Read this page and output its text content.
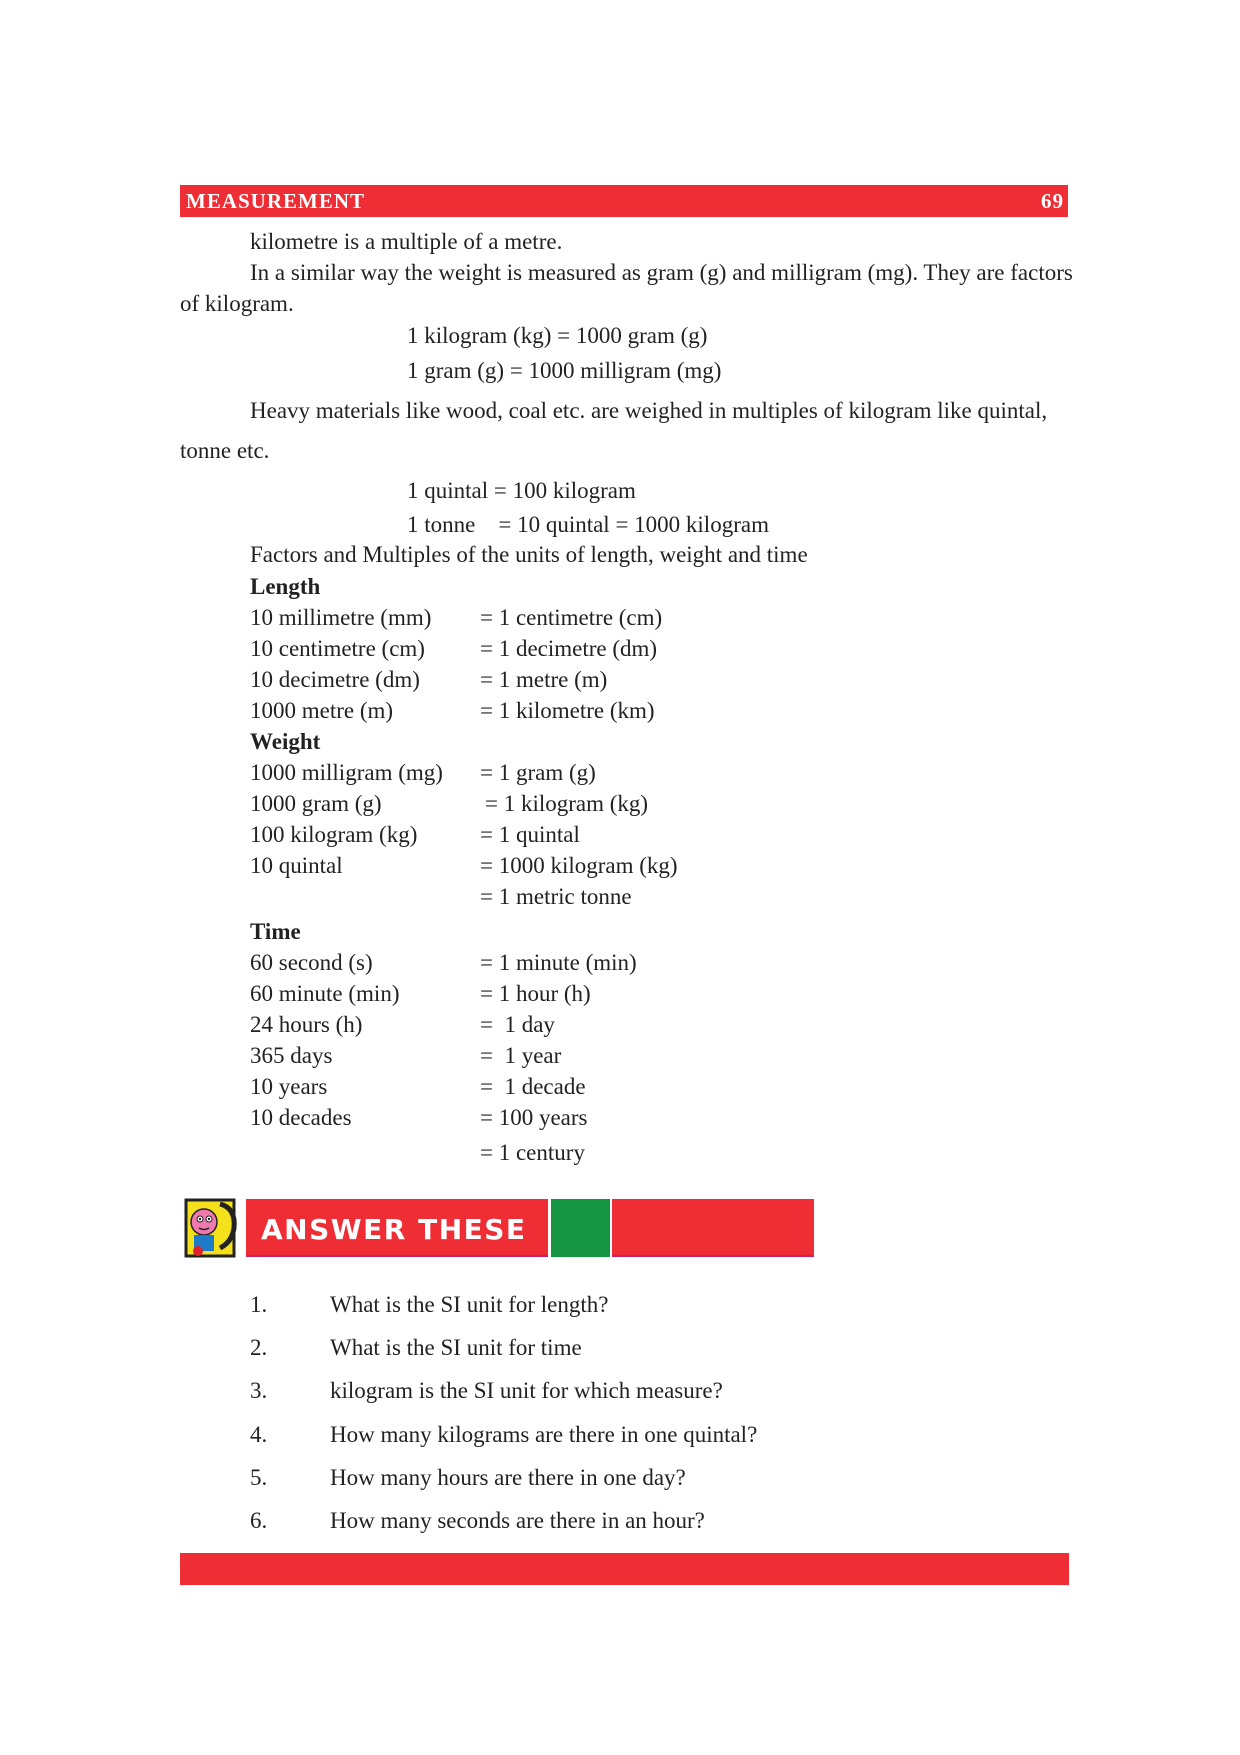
MEASUREMENT	69
kilometre is a multiple of a metre.
In a similar way the weight is measured as gram (g) and milligram (mg). They are factors
of kilogram.
1 kilogram (kg) = 1000 gram (g)
1 gram (g) = 1000 milligram (mg)
Heavy materials like wood, coal etc. are weighed in multiples of kilogram like quintal,
tonne etc.
1 quintal = 100 kilogram
1 tonne    = 10 quintal = 1000 kilogram
Factors and Multiples of the units of length, weight and time
Length
10 millimetre (mm) = 1 centimetre (cm)
10 centimetre (cm) = 1 decimetre (dm)
10 decimetre (dm)	= 1 metre (m)
1000 metre (m)	= 1 kilometre (km)
Weight
1000 milligram (mg) = 1 gram (g)
1000 gram (g)	= 1 kilogram (kg)
100 kilogram (kg)	= 1 quintal
10 quintal	= 1000 kilogram (kg)
= 1 metric tonne
Time
60 second (s)	= 1 minute (min)
60 minute (min)	= 1 hour (h)
24 hours (h)	=  1 day
365 days	=  1 year
10 years	=  1 decade
10 decades	= 100 years
= 1 century
ANSWER THESE
1.	What is the SI unit for length?
2.	What is the SI unit for time
3.	kilogram is the SI unit for which measure?
4.	How many kilograms are there in one quintal?
5.	How many hours are there in one day?
6.	How many seconds are there in an hour?
